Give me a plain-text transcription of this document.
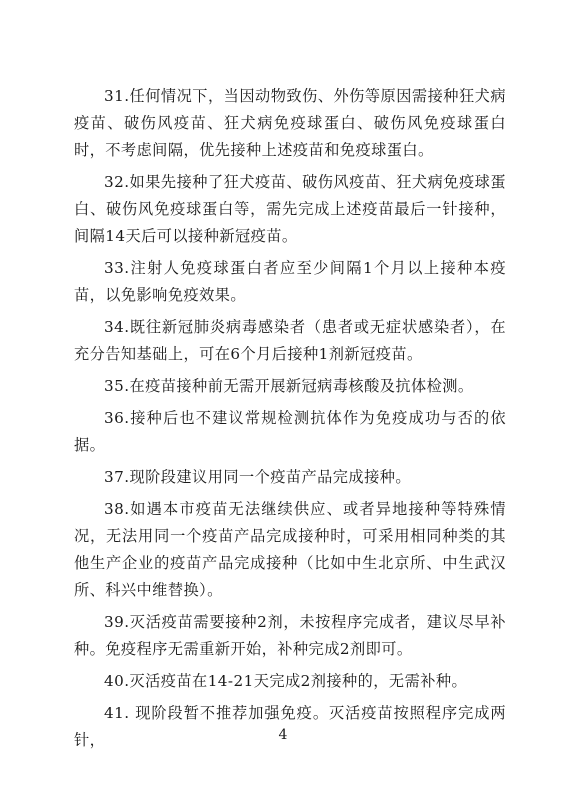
31.任何情况下，当因动物致伤、外伤等原因需接种狂犬病疫苗、破伤风疫苗、狂犬病免疫球蛋白、破伤风免疫球蛋白时，不考虑间隔，优先接种上述疫苗和免疫球蛋白。

32.如果先接种了狂犬疫苗、破伤风疫苗、狂犬病免疫球蛋白、破伤风免疫球蛋白等，需先完成上述疫苗最后一针接种，间隔14天后可以接种新冠疫苗。

33.注射人免疫球蛋白者应至少间隔1个月以上接种本疫苗，以免影响免疫效果。

34.既往新冠肺炎病毒感染者（患者或无症状感染者），在充分告知基础上，可在6个月后接种1剂新冠疫苗。

35.在疫苗接种前无需开展新冠病毒核酸及抗体检测。

36.接种后也不建议常规检测抗体作为免疫成功与否的依据。

37.现阶段建议用同一个疫苗产品完成接种。

38.如遇本市疫苗无法继续供应、或者异地接种等特殊情况，无法用同一个疫苗产品完成接种时，可采用相同种类的其他生产企业的疫苗产品完成接种（比如中生北京所、中生武汉所、科兴中维替换）。

39.灭活疫苗需要接种2剂，未按程序完成者，建议尽早补种。免疫程序无需重新开始，补种完成2剂即可。

40.灭活疫苗在14-21天完成2剂接种的，无需补种。

41. 现阶段暂不推荐加强免疫。灭活疫苗按照程序完成两针，	4
